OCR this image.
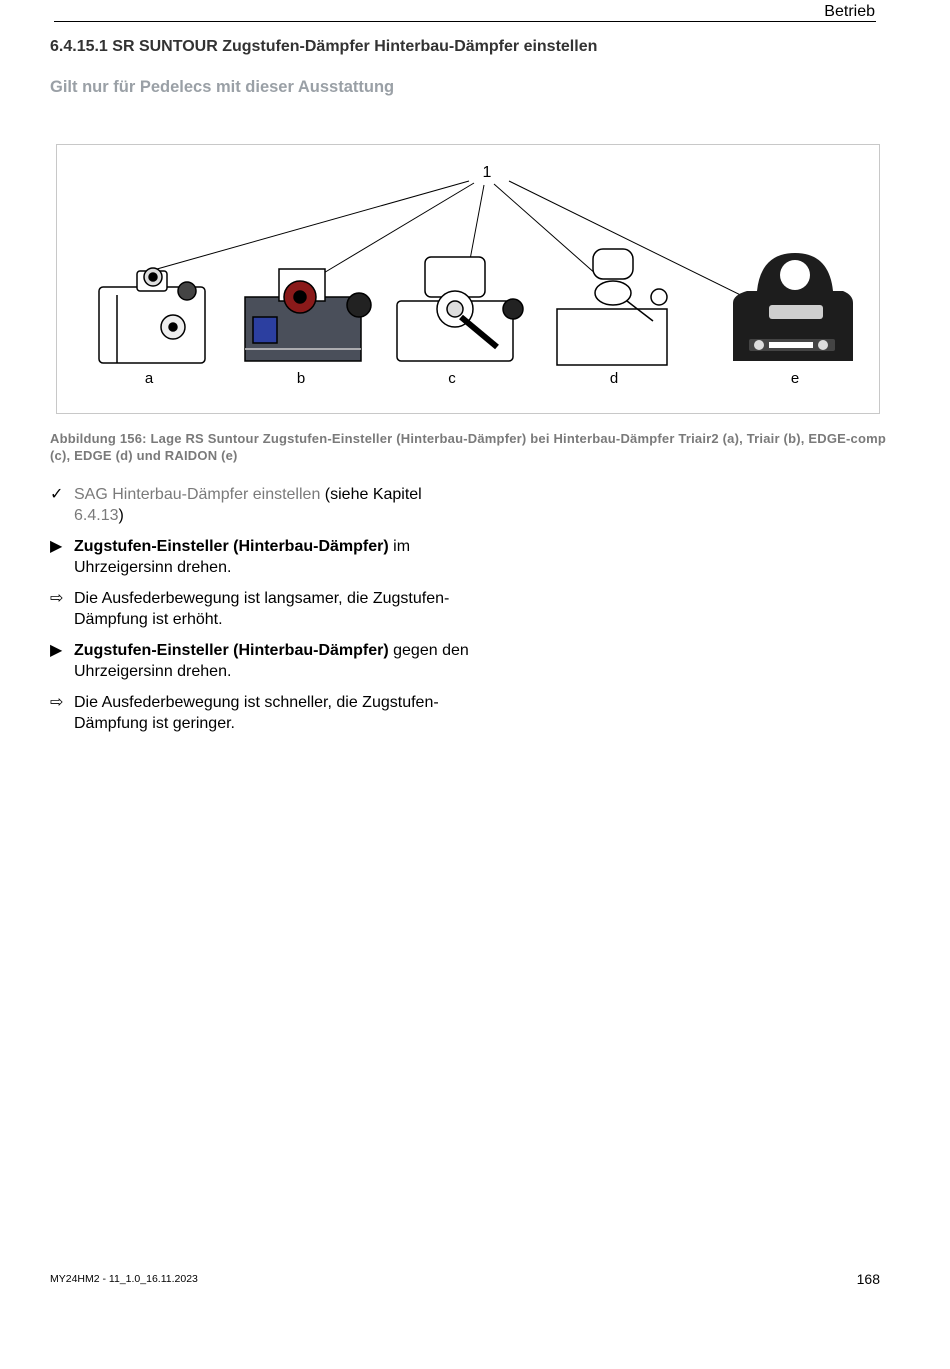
Betrieb
6.4.15.1 SR SUNTOUR Zugstufen-Dämpfer Hinterbau-Dämpfer einstellen
Gilt nur für Pedelecs mit dieser Ausstattung
1
a	b	c	d	e
Abbildung 156: Lage RS Suntour Zugstufen-Einsteller (Hinterbau-Dämpfer) bei Hinterbau-Dämpfer Triair2 (a), Triair (b), EDGE-comp (c), EDGE (d) und RAIDON (e)
✓ SAG Hinterbau-Dämpfer einstellen (siehe Kapitel 6.4.13)
▶ Zugstufen-Einsteller (Hinterbau-Dämpfer) im Uhrzeigersinn drehen.
⇨ Die Ausfederbewegung ist langsamer, die Zugstufen-Dämpfung ist erhöht.
▶ Zugstufen-Einsteller (Hinterbau-Dämpfer) gegen den Uhrzeigersinn drehen.
⇨ Die Ausfederbewegung ist schneller, die Zugstufen-Dämpfung ist geringer.
MY24HM2 - 11_1.0_16.11.2023	168
